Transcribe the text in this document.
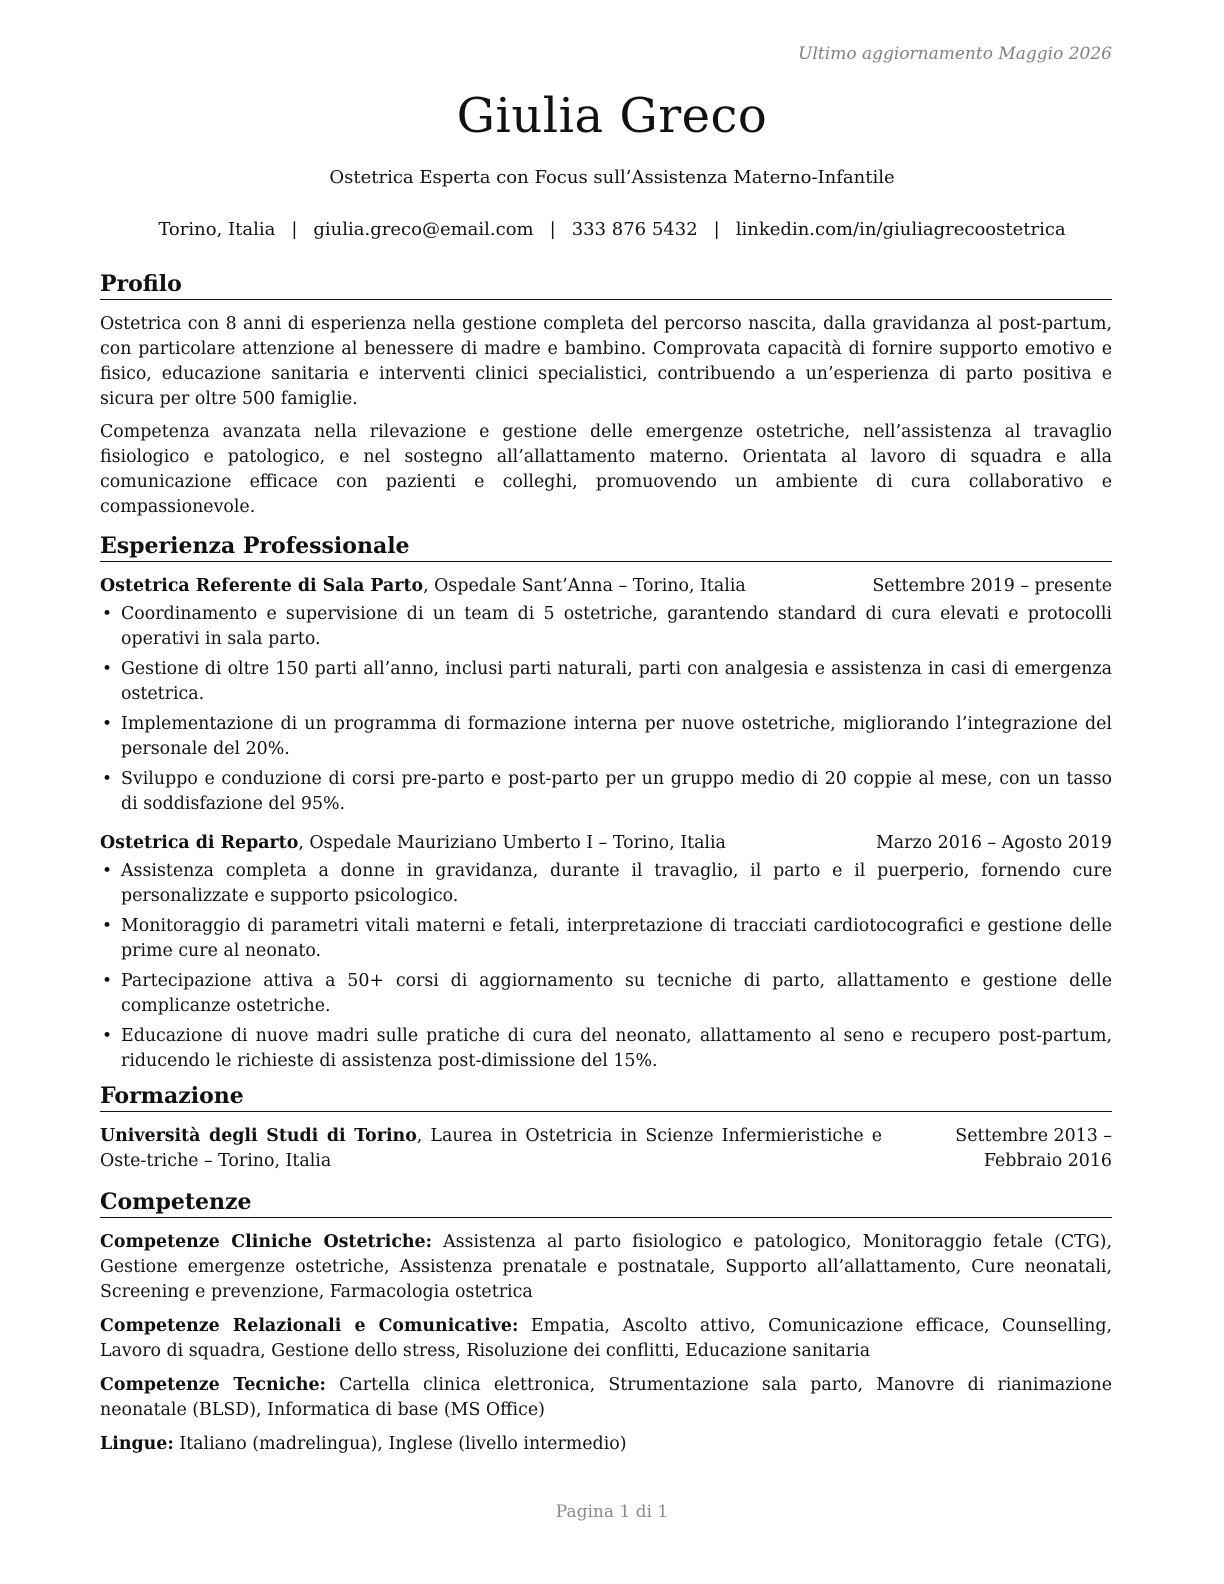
Ultimo aggiornamento Maggio 2026
Giulia Greco
Ostetrica Esperta con Focus sull’Assistenza Materno-Infantile
Torino, Italia | giulia.greco@email.com | 333 876 5432 | linkedin.com/in/giuliagrecoostetrica
Profilo

Ostetrica con 8 anni di esperienza nella gestione completa del percorso nascita, dalla gravidanza al post-partum, con particolare attenzione al benessere di madre e bambino. Comprovata capacità di fornire supporto emotivo e fisico, educazione sanitaria e interventi clinici specialistici, contribuendo a un’esperienza di parto positiva e sicura per oltre 500 famiglie.

Competenza avanzata nella rilevazione e gestione delle emergenze ostetriche, nell’assistenza al travaglio fisiologico e patologico, e nel sostegno all’allattamento materno. Orientata al lavoro di squadra e alla comunicazione efficace con pazienti e colleghi, promuovendo un ambiente di cura collaborativo e compassionevole.

Esperienza Professionale
Ostetrica Referente di Sala Parto, Ospedale Sant’Anna – Torino, Italia	Settembre 2019 – presente
• Coordinamento e supervisione di un team di 5 ostetriche, garantendo standard di cura elevati e protocolli operativi in sala parto.
• Gestione di oltre 150 parti all’anno, inclusi parti naturali, parti con analgesia e assistenza in casi di emergenza ostetrica.
• Implementazione di un programma di formazione interna per nuove ostetriche, migliorando l’integrazione del personale del 20%.
• Sviluppo e conduzione di corsi pre-parto e post-parto per un gruppo medio di 20 coppie al mese, con un tasso di soddisfazione del 95%.
Ostetrica di Reparto, Ospedale Mauriziano Umberto I – Torino, Italia	Marzo 2016 – Agosto 2019
• Assistenza completa a donne in gravidanza, durante il travaglio, il parto e il puerperio, fornendo cure personalizzate e supporto psicologico.
• Monitoraggio di parametri vitali materni e fetali, interpretazione di tracciati cardiotocografici e gestione delle prime cure al neonato.
• Partecipazione attiva a 50+ corsi di aggiornamento su tecniche di parto, allattamento e gestione delle complicanze ostetriche.
• Educazione di nuove madri sulle pratiche di cura del neonato, allattamento al seno e recupero post-partum, riducendo le richieste di assistenza post-dimissione del 15%.
Formazione
Università degli Studi di Torino, Laurea in Ostetricia in Scienze Infermieristiche e Oste-triche – Torino, Italia
Settembre 2013 – Febbraio 2016
Competenze

Competenze Cliniche Ostetriche: Assistenza al parto fisiologico e patologico, Monitoraggio fetale (CTG), Gestione emergenze ostetriche, Assistenza prenatale e postnatale, Supporto all’allattamento, Cure neonatali, Screening e prevenzione, Farmacologia ostetrica

Competenze Relazionali e Comunicative: Empatia, Ascolto attivo, Comunicazione efficace, Counselling, Lavoro di squadra, Gestione dello stress, Risoluzione dei conflitti, Educazione sanitaria

Competenze Tecniche: Cartella clinica elettronica, Strumentazione sala parto, Manovre di rianimazione neonatale (BLSD), Informatica di base (MS Office)

Lingue: Italiano (madrelingua), Inglese (livello intermedio)

Pagina 1 di 1
